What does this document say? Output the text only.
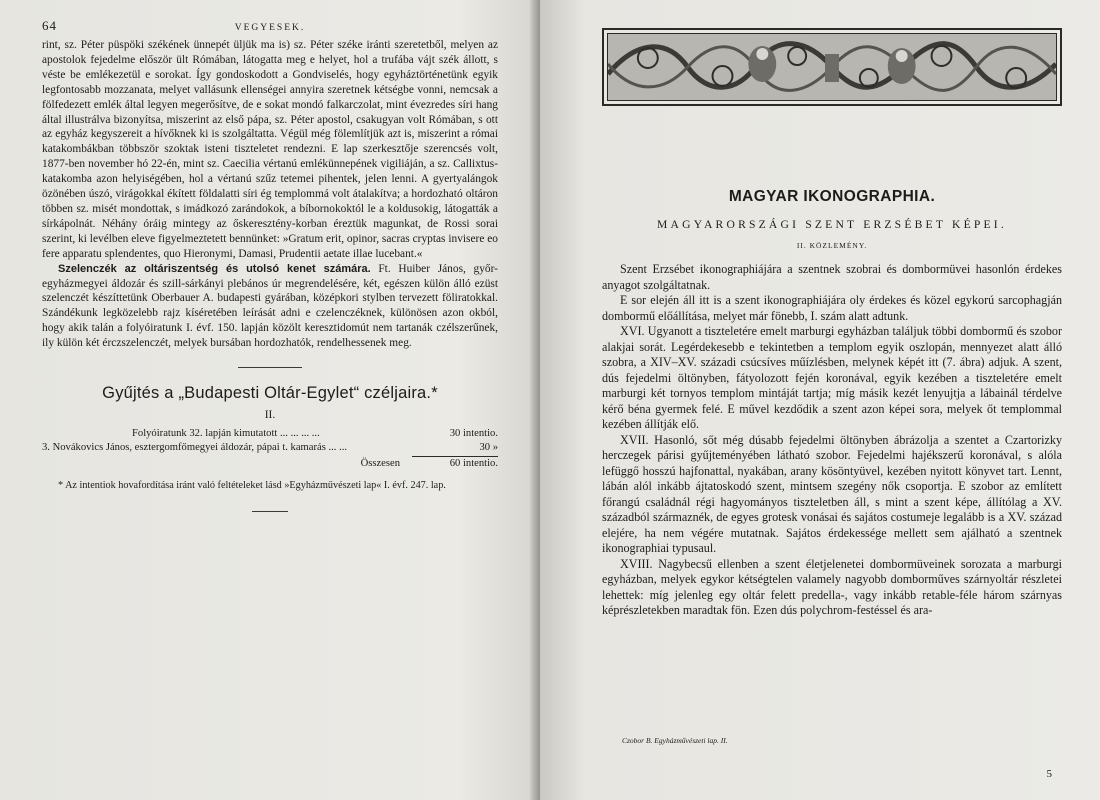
64	VEGYESEK.

rint, sz. Péter püspöki székének ünnepét üljük ma is) sz. Péter széke iránti szeretetből, melyen az apostolok fejedelme először ült Rómában, látogatta meg e helyet, hol a trufába vájt szék állott, s véste be emlékezetül e sorokat. Így gondoskodott a Gondviselés, hogy egyháztörténetünk egyik legfontosabb mozzanata, melyet vallásunk ellenségei annyira szeretnek kétségbe vonni, nemcsak a fölfedezett emlék által legyen megerősítve, de e sokat mondó falkarczolat, mint évezredes síri hang által illustrálva bizonyítsa, miszerint az első pápa, sz. Péter apostol, csakugyan volt Rómában, s ott az egyház kegyszereit a hívőknek ki is szolgáltatta. Végül még fölemlítjük azt is, miszerint a római katakombákban többször szoktak isteni tiszteletet rendezni. E lap szerkesztője szerencsés volt, 1877-ben november hó 22-én, mint sz. Caecilia vértanú emlékünnepének vigiliáján, a sz. Callixtus-katakomba azon helyiségében, hol a vértanú szűz tetemei pihentek, jelen lenni. A gyertyalángok özönében úszó, virágokkal ékített földalatti síri ég templommá volt átalakítva; a hordozható oltáron többen sz. misét mondottak, s imádkozó zarándokok, a bíbornokoktól le a koldusokig, látogatták a sírkápolnát. Néhány óráig mintegy az őskeresztény-korban éreztük magunkat, de Rossi sorai szerint, ki levélben eleve figyelmeztetett bennünket: »Gratum erit, opinor, sacras cryptas invisere eo fere apparatu splendentes, quo Hieronymi, Damasi, Prudentii aetate illae lucebant.«

Szelenczék az oltáriszentség és utolsó kenet számára. Ft. Huiber János, győr-egyházmegyei áldozár és szill-sárkányi plebános úr megrendelésére, két, egészen külön álló ezüst szelenczét készíttetünk Oberbauer A. budapesti gyárában, középkori stylben tervezett föliratokkal. Szándékunk legközelebb rajz kíséretében leírását adni e czelenczéknek, különösen azon okból, hogy akik talán a folyóiratunk I. évf. 150. lapján közölt keresztidomút nem tartanák czélszerűnek, ily külön két érczszelenczét, melyek bursában hordozhatók, rendelhessenek meg.

Gyűjtés a „Budapesti Oltár-Egylet“ czéljaira.*
II.
Folyóiratunk 32. lapján kimutatott ... ... ... ...	30 intentio.
3. Novákovics János, esztergomfőmegyei áldozár, pápai t. kamarás ... ...	30 »
Összesen	60 intentio.
* Az intentiok hovafordítása iránt való feltételeket lásd »Egyházművészeti lap« I. évf. 247. lap.
MAGYAR IKONOGRAPHIA.
MAGYARORSZÁGI SZENT ERZSÉBET KÉPEI.
II. KÖZLEMÉNY.

Szent Erzsébet ikonographiájára a szentnek szobrai és dombormüvei hasonlón érdekes anyagot szolgáltatnak.

E sor elején áll itt is a szent ikonographiájára oly érdekes és közel egykorú sarcophagján dombormű előállítása, melyet már fönebb, I. szám alatt adtunk.

XVI. Ugyanott a tiszteletére emelt marburgi egyházban találjuk többi dombormű és szobor alakjai sorát. Legérdekesebb e tekintetben a templom egyik oszlopán, mennyezet alatt álló szobra, a XIV–XV. századi csúcsíves műízlésben, melynek képét itt (7. ábra) adjuk. A szent, dús fejedelmi öltönyben, fátyolozott fején koronával, egyik kezében a tiszteletére emelt marburgi két tornyos templom mintáját tartja; míg másik kezét lenyujtja a lábainál térdelve kérő béna gyermek felé. E művel kezdődik a szent azon képei sora, melyek őt templommal kezében állítják elő.

XVII. Hasonló, sőt még dúsabb fejedelmi öltönyben ábrázolja a szentet a Czartorizky herczegek párisi gyűjteményében látható szobor. Fejedelmi hajékszerű koronával, s alóla lefüggő hosszú hajfonattal, nyakában, arany kösöntyüvel, kezében nyitott könyvet tart. Lennt, lábán alól inkább ájtatoskodó szent, mintsem szegény nők csoportja. E szobor az említett főrangú családnál régi hagyományos tiszteletben áll, s mint a szent képe, állítólag a XV. századból származnék, de egyes grotesk vonásai és sajátos costumeje legalább is a XV. század elejére, ha nem végére mutatnak. Sajátos érdekessége mellett sem ajálható a szentnek ikonographiai typusaul.

XVIII. Nagybecsű ellenben a szent életjelenetei dombormüveinek sorozata a marburgi egyházban, melyek egykor kétségtelen valamely nagyobb domborműves szárnyoltár részletei lehettek: míg jelenleg egy oltár felett predella-, vagy inkább retable-féle három szárnyas képrészletekben maradtak fön. Ezen dús polychrom-festéssel és ara-

Czobor B. Egyházművészeti lap. II.
5
